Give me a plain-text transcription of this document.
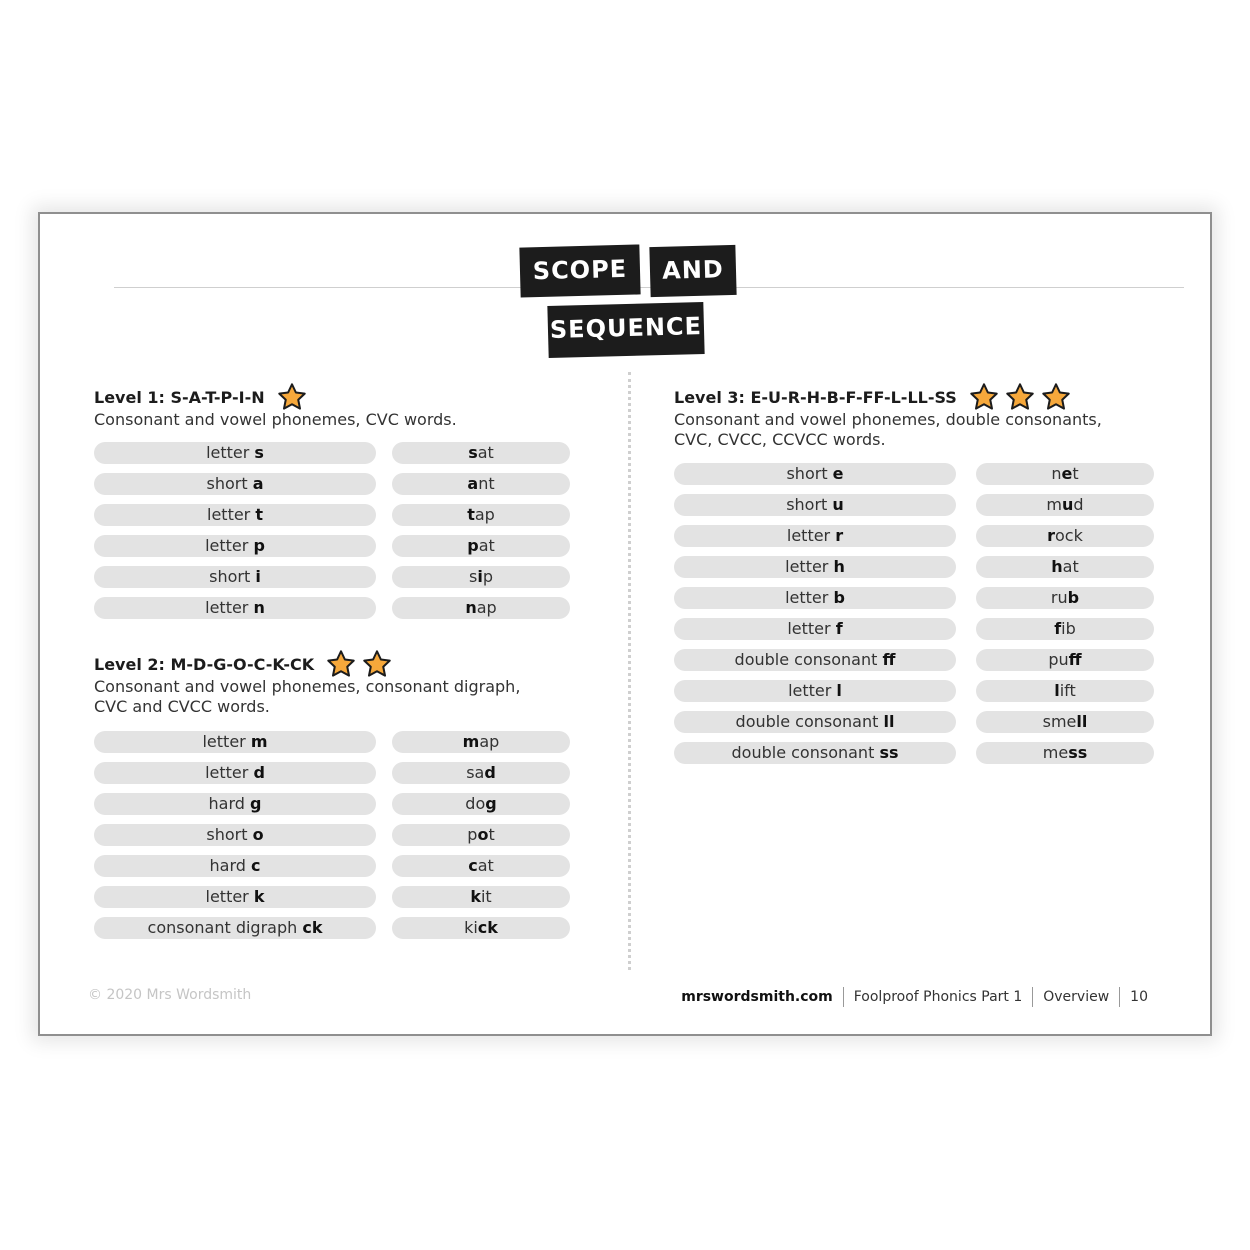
SCOPE	AND
SEQUENCE
Level 1: S-A-T-P-I-N
Consonant and vowel phonemes, CVC words.
letter s	sat
short a	ant
letter t	tap
letter p	pat
short i	sip
letter n	nap
Level 2: M-D-G-O-C-K-CK
Consonant and vowel phonemes, consonant digraph,
CVC and CVCC words.
letter m	map
letter d	sad
hard g	dog
short o	pot
hard c	cat
letter k	kit
consonant digraph ck	kick
Level 3: E-U-R-H-B-F-FF-L-LL-SS
Consonant and vowel phonemes, double consonants,
CVC, CVCC, CCVCC words.
short e	net
short u	mud
letter r	rock
letter h	hat
letter b	rub
letter f	fib
double consonant ff	puff
letter l	lift
double consonant ll	smell
double consonant ss	mess
© 2020 Mrs Wordsmith	mrswordsmith.com	Foolproof Phonics Part 1	Overview	10
